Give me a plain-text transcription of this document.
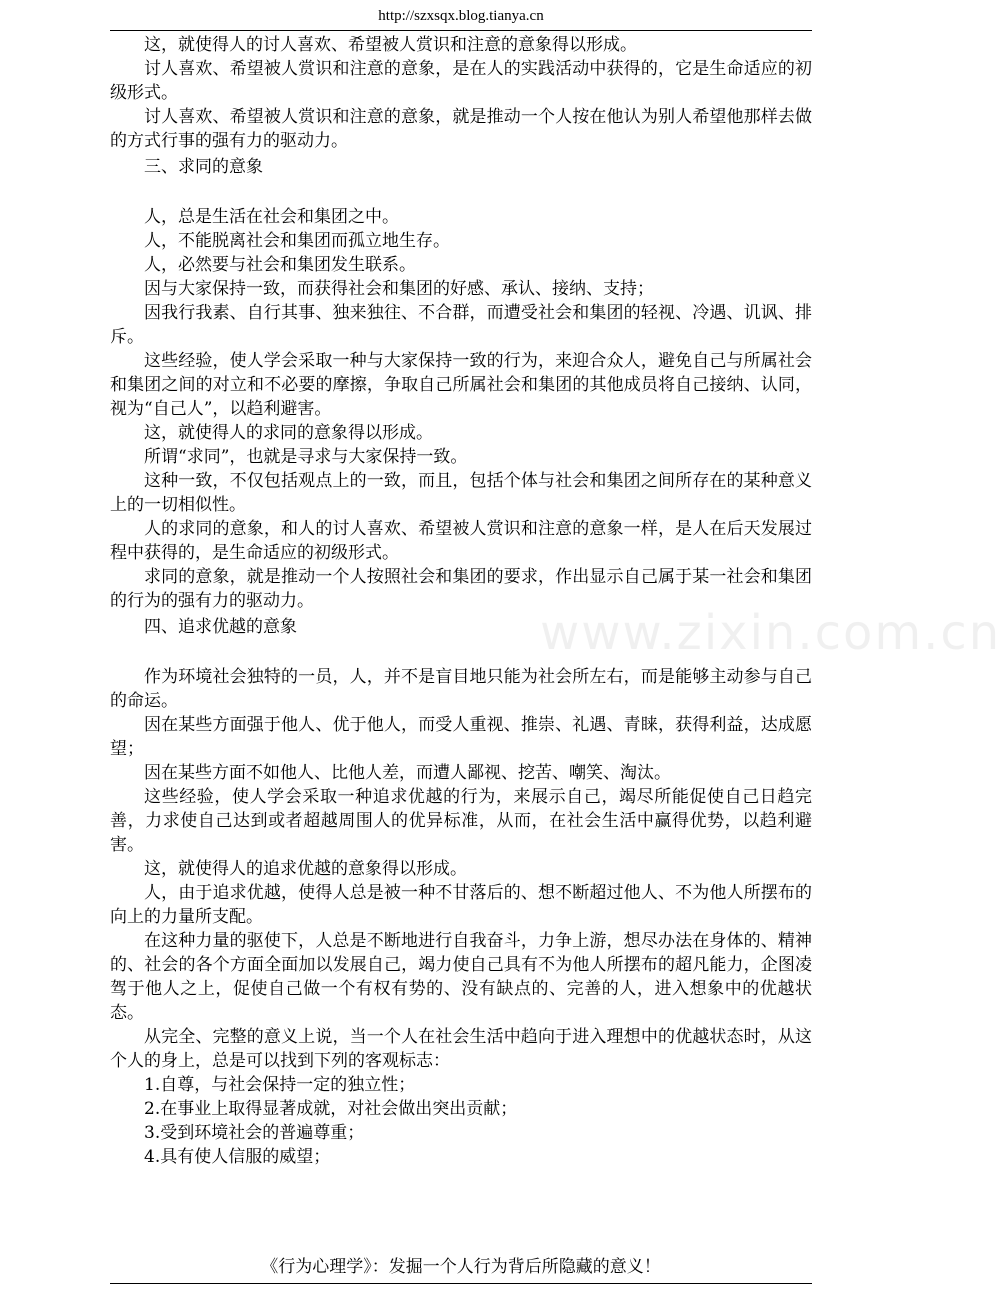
http://szxsqx.blog.tianya.cn
www.zixin.com.cn

这，就使得人的讨人喜欢、希望被人赏识和注意的意象得以形成。

讨人喜欢、希望被人赏识和注意的意象，是在人的实践活动中获得的，它是生命适应的初级形式。

讨人喜欢、希望被人赏识和注意的意象，就是推动一个人按在他认为别人希望他那样去做的方式行事的强有力的驱动力。

三、求同的意象

人，总是生活在社会和集团之中。

人，不能脱离社会和集团而孤立地生存。

人，必然要与社会和集团发生联系。

因与大家保持一致，而获得社会和集团的好感、承认、接纳、支持；

因我行我素、自行其事、独来独往、不合群，而遭受社会和集团的轻视、冷遇、讥讽、排斥。

这些经验，使人学会采取一种与大家保持一致的行为，来迎合众人，避免自己与所属社会和集团之间的对立和不必要的摩擦，争取自己所属社会和集团的其他成员将自己接纳、认同，视为“自己人”，以趋利避害。

这，就使得人的求同的意象得以形成。

所谓“求同”，也就是寻求与大家保持一致。

这种一致，不仅包括观点上的一致，而且，包括个体与社会和集团之间所存在的某种意义上的一切相似性。

人的求同的意象，和人的讨人喜欢、希望被人赏识和注意的意象一样，是人在后天发展过程中获得的，是生命适应的初级形式。

求同的意象，就是推动一个人按照社会和集团的要求，作出显示自己属于某一社会和集团的行为的强有力的驱动力。

四、追求优越的意象

作为环境社会独特的一员，人，并不是盲目地只能为社会所左右，而是能够主动参与自己的命运。

因在某些方面强于他人、优于他人，而受人重视、推崇、礼遇、青睐，获得利益，达成愿望；

因在某些方面不如他人、比他人差，而遭人鄙视、挖苦、嘲笑、淘汰。

这些经验，使人学会采取一种追求优越的行为，来展示自己，竭尽所能促使自己日趋完善，力求使自己达到或者超越周围人的优异标准，从而，在社会生活中赢得优势，以趋利避害。

这，就使得人的追求优越的意象得以形成。

人，由于追求优越，使得人总是被一种不甘落后的、想不断超过他人、不为他人所摆布的向上的力量所支配。

在这种力量的驱使下，人总是不断地进行自我奋斗，力争上游，想尽办法在身体的、精神的、社会的各个方面全面加以发展自己，竭力使自己具有不为他人所摆布的超凡能力，企图凌驾于他人之上，促使自己做一个有权有势的、没有缺点的、完善的人，进入想象中的优越状态。

从完全、完整的意义上说，当一个人在社会生活中趋向于进入理想中的优越状态时，从这个人的身上，总是可以找到下列的客观标志：

1.自尊，与社会保持一定的独立性；

2.在事业上取得显著成就，对社会做出突出贡献；

3.受到环境社会的普遍尊重；

4.具有使人信服的威望；

《行为心理学》：发掘一个人行为背后所隐藏的意义！
